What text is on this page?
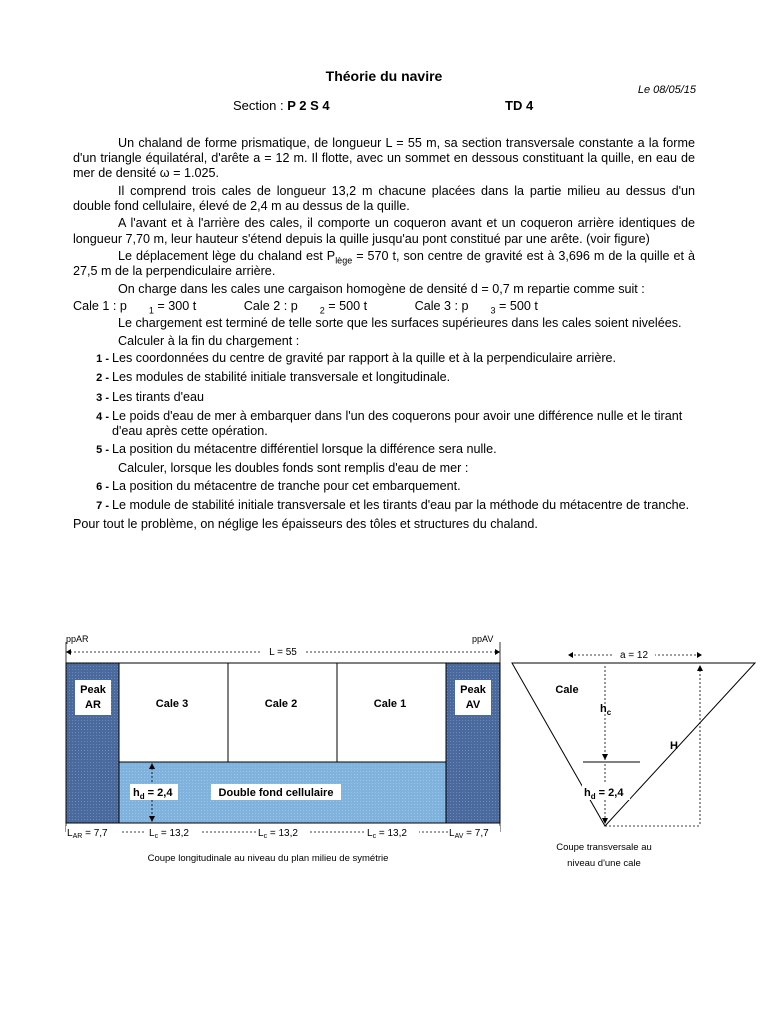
Théorie du navire
Le 08/05/15
Section : P 2 S 4	TD 4

Un chaland de forme prismatique, de longueur L = 55 m, sa section transversale constante a la forme d'un triangle équilatéral, d'arête a = 12 m. Il flotte, avec un sommet en dessous constituant la quille, en eau de mer de densité ω = 1.025.

Il comprend trois cales de longueur 13,2 m chacune placées dans la partie milieu au dessus d'un double fond cellulaire, élevé de 2,4 m au dessus de la quille.

A l'avant et à l'arrière des cales, il comporte un coqueron avant et un coqueron arrière identiques de longueur 7,70 m, leur hauteur s'étend depuis la quille jusqu'au pont constitué par une arête. (voir figure)

Le déplacement lège du chaland est $P_{lège} = 570$ t, son centre de gravité est à 3,696 m de la quille et à 27,5 m de la perpendiculaire arrière.

On charge dans les cales une cargaison homogène de densité d = 0,7 m repartie comme suit :

Cale 1 : p $_1$ = 300 t	Cale 2 : p $_2$ = 500 t	Cale 3 : p $_3$ = 500 t

Le chargement est terminé de telle sorte que les surfaces supérieures dans les cales soient nivelées.

Calculer à la fin du chargement :

1 - Les coordonnées du centre de gravité par rapport à la quille et à la perpendiculaire arrière.
2 - Les modules de stabilité initiale transversale et longitudinale.
3 - Les tirants d'eau
4 - Le poids d'eau de mer à embarquer dans l'un des coquerons pour avoir une différence nulle et le tirant d'eau après cette opération.
5 - La position du métacentre différentiel lorsque la différence sera nulle.

Calculer, lorsque les doubles fonds sont remplis d'eau de mer :

6 - La position du métacentre de tranche pour cet embarquement.
7 - Le module de stabilité initiale transversale et les tirants d'eau par la méthode du métacentre de tranche.

Pour tout le problème, on néglige les épaisseurs des tôles et structures du chaland.

ppAR	ppAV
L = 55
Peak
AR
Peak
AV
Cale 3	Cale 2	Cale 1
$h_d = 2,4$	Double fond cellulaire
$L_{AR} = 7,7$	$L_c = 13,2$	$L_c = 13,2$	$L_c = 13,2$	$L_{AV} = 7,7$
Coupe longitudinale au niveau du plan milieu de symétrie
a = 12
Cale
$h_c$
H
$h_d = 2,4$
Coupe transversale au
niveau d'une cale
